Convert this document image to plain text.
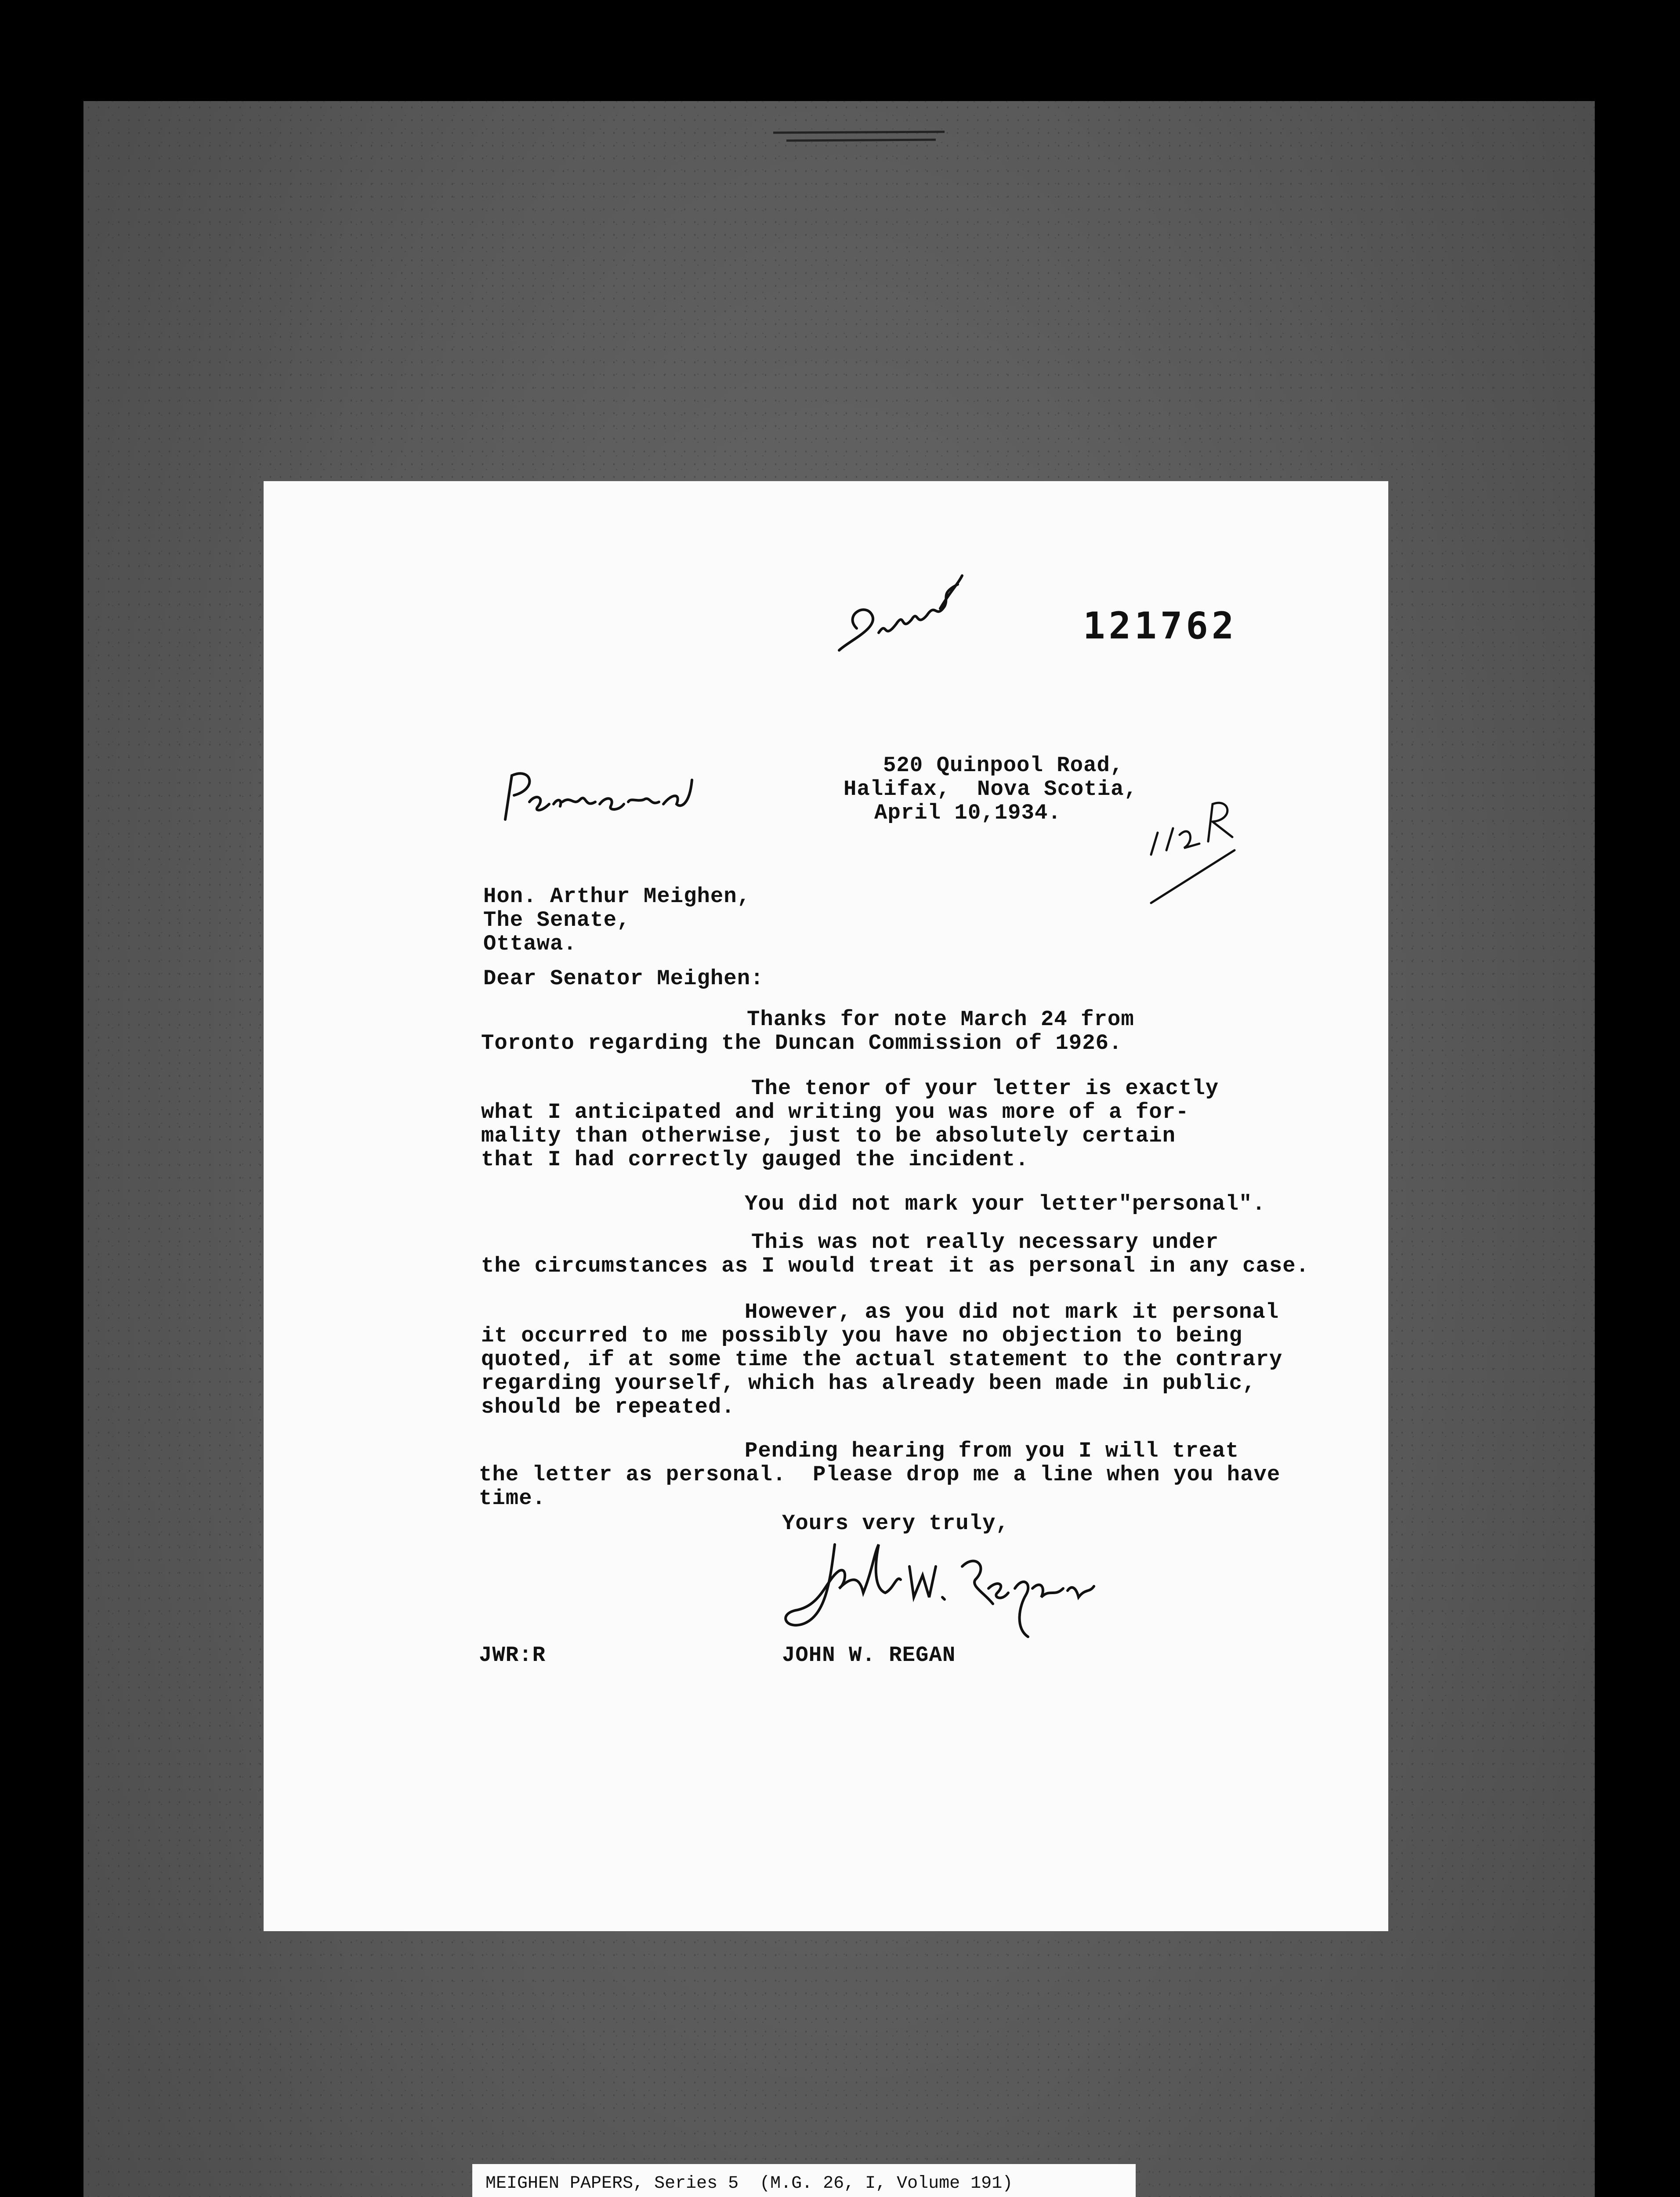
121762
520 Quinpool Road,
Halifax,  Nova Scotia,
April 10,1934.
Hon. Arthur Meighen,
The Senate,
Ottawa.
Dear Senator Meighen:
Thanks for note March 24 from
Toronto regarding the Duncan Commission of 1926.
The tenor of your letter is exactly
what I anticipated and writing you was more of a for-
mality than otherwise, just to be absolutely certain
that I had correctly gauged the incident.
You did not mark your letter"personal".
This was not really necessary under
the circumstances as I would treat it as personal in any case.
However, as you did not mark it personal
it occurred to me possibly you have no objection to being
quoted, if at some time the actual statement to the contrary
regarding yourself, which has already been made in public,
should be repeated.
Pending hearing from you I will treat
the letter as personal.  Please drop me a line when you have
time.
Yours very truly,
JWR:R	JOHN W. REGAN
MEIGHEN PAPERS, Series 5  (M.G. 26, I, Volume 191)
